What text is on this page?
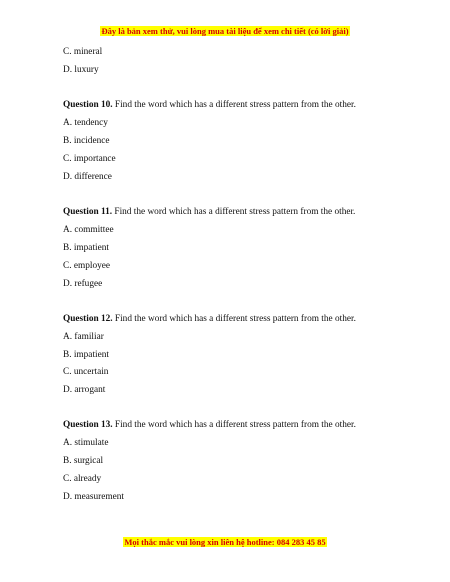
Đây là bản xem thử, vui lòng mua tài liệu để xem chi tiết (có lời giải)
C. mineral
D. luxury
Question 10. Find the word which has a different stress pattern from the other.
A. tendency
B. incidence
C. importance
D. difference
Question 11. Find the word which has a different stress pattern from the other.
A. committee
B. impatient
C. employee
D. refugee
Question 12. Find the word which has a different stress pattern from the other.
A. familiar
B. impatient
C. uncertain
D. arrogant
Question 13. Find the word which has a different stress pattern from the other.
A. stimulate
B. surgical
C. already
D. measurement
Mọi thắc mắc vui lòng xin liên hệ hotline: 084 283 45 85
